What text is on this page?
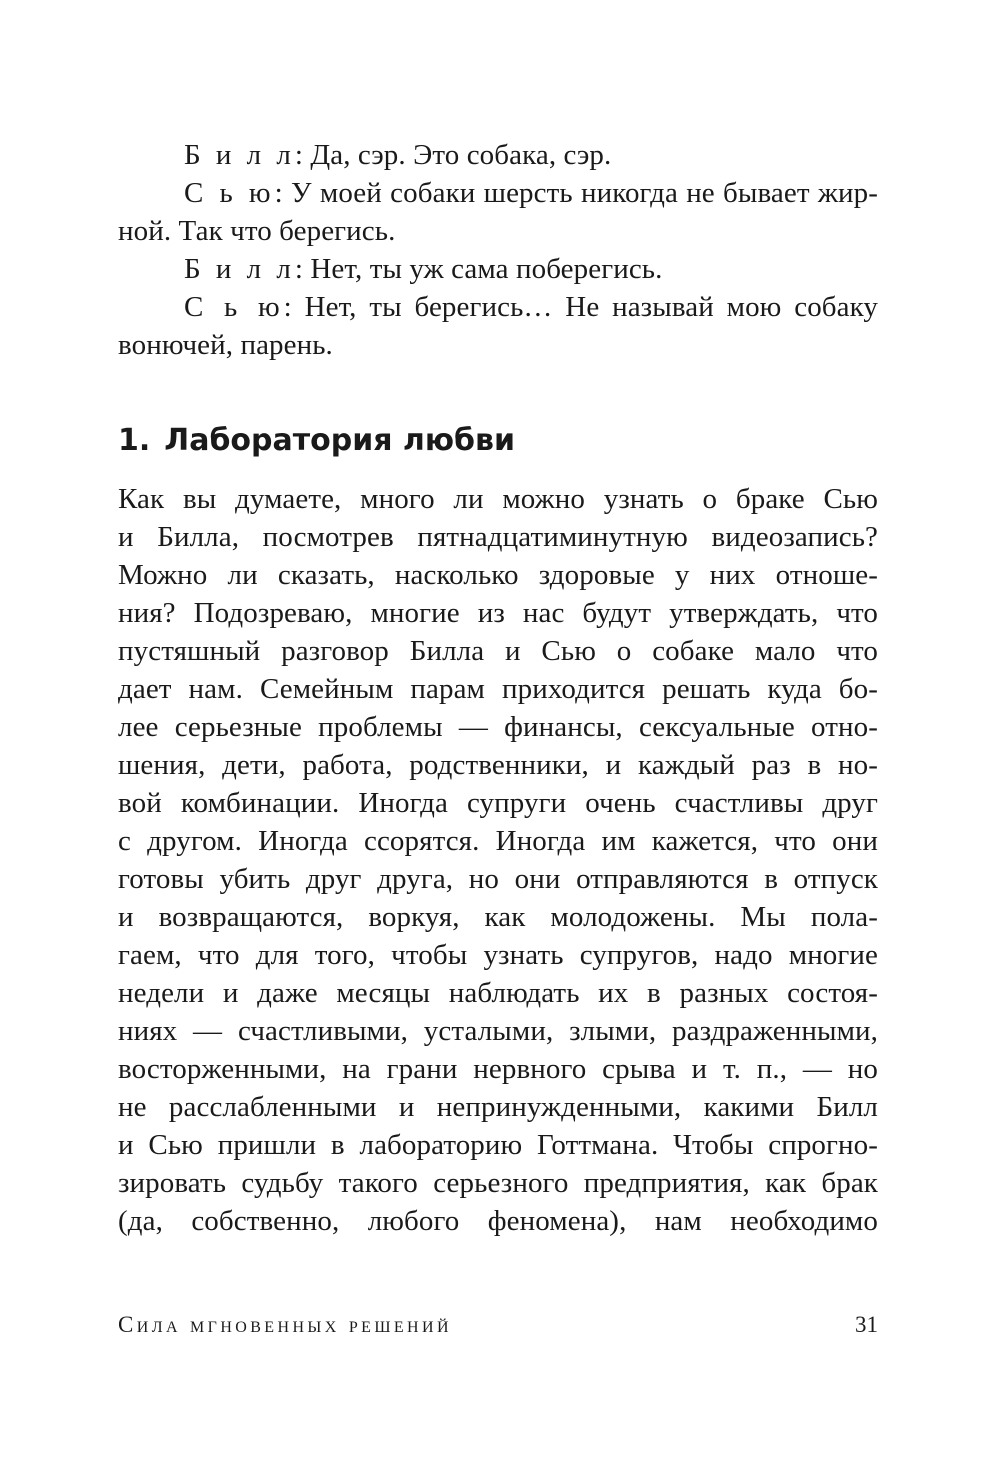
Б и л л: Да, сэр. Это собака, сэр.
С ь ю: У моей собаки шерсть никогда не бывает жир-
ной. Так что берегись.
Б и л л: Нет, ты уж сама поберегись.
С ь ю: Нет, ты берегись… Не называй мою собаку
вонючей, парень.
1. Лаборатория любви
Как вы думаете, много ли можно узнать о браке Сью
и Билла, посмотрев пятнадцатиминутную видеозапись?
Можно ли сказать, насколько здоровые у них отноше-
ния? Подозреваю, многие из нас будут утверждать, что
пустяшный разговор Билла и Сью о собаке мало что
дает нам. Семейным парам приходится решать куда бо-
лее серьезные проблемы — финансы, сексуальные отно-
шения, дети, работа, родственники, и каждый раз в но-
вой комбинации. Иногда супруги очень счастливы друг
с другом. Иногда ссорятся. Иногда им кажется, что они
готовы убить друг друга, но они отправляются в отпуск
и возвращаются, воркуя, как молодожены. Мы пола-
гаем, что для того, чтобы узнать супругов, надо многие
недели и даже месяцы наблюдать их в разных состоя-
ниях — счастливыми, усталыми, злыми, раздраженными,
восторженными, на грани нервного срыва и т. п., — но
не расслабленными и непринужденными, какими Билл
и Сью пришли в лабораторию Готтмана. Чтобы спрогно-
зировать судьбу такого серьезного предприятия, как брак
(да, собственно, любого феномена), нам необходимо
Сила мгновенных решений	31
